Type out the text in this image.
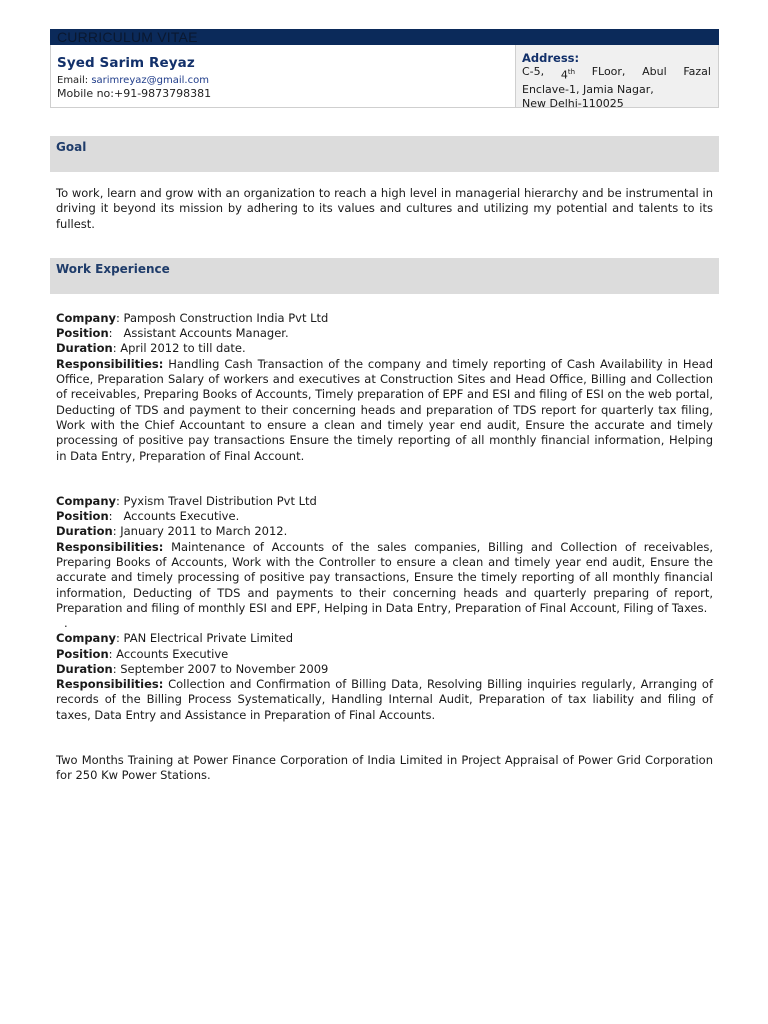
CURRICULUM VITAE
Syed Sarim Reyaz
Email: sarimreyaz@gmail.com
Mobile no:+91-9873798381
Address:
C-5, 4th FLoor, Abul Fazal
Enclave-1, Jamia Nagar,
New Delhi-110025
Goal
To work, learn and grow with an organization to reach a high level in managerial hierarchy and be instrumental in driving it beyond its mission by adhering to its values and cultures and utilizing my potential and talents to its fullest.
Work Experience
Company: Pamposh Construction India Pvt Ltd
Position:   Assistant Accounts Manager.
Duration: April 2012 to till date.
Responsibilities: Handling Cash Transaction of the company and timely reporting of Cash Availability in Head Office, Preparation Salary of workers and executives at Construction Sites and Head Office, Billing and Collection of receivables, Preparing Books of Accounts, Timely preparation of EPF and ESI and filing of ESI on the web portal, Deducting of TDS and payment to their concerning heads and preparation of TDS report for quarterly tax filing, Work with the Chief Accountant to ensure a clean and timely year end audit, Ensure the accurate and timely processing of positive pay transactions Ensure the timely reporting of all monthly financial information, Helping in Data Entry, Preparation of Final Account.
Company: Pyxism Travel Distribution Pvt Ltd
Position:   Accounts Executive.
Duration: January 2011 to March 2012.
Responsibilities: Maintenance of Accounts of the sales companies, Billing and Collection of receivables, Preparing Books of Accounts, Work with the Controller to ensure a clean and timely year end audit, Ensure the accurate and timely processing of positive pay transactions, Ensure the timely reporting of all monthly financial information, Deducting of TDS and payments to their concerning heads and quarterly preparing of report, Preparation and filing of monthly ESI and EPF, Helping in Data Entry, Preparation of Final Account, Filing of Taxes.
.
Company: PAN Electrical Private Limited
Position: Accounts Executive
Duration: September 2007 to November 2009
Responsibilities: Collection and Confirmation of Billing Data, Resolving Billing inquiries regularly, Arranging of records of the Billing Process Systematically, Handling Internal Audit, Preparation of tax liability and filing of taxes, Data Entry and Assistance in Preparation of Final Accounts.
Two Months Training at Power Finance Corporation of India Limited in Project Appraisal of Power Grid Corporation for 250 Kw Power Stations.
